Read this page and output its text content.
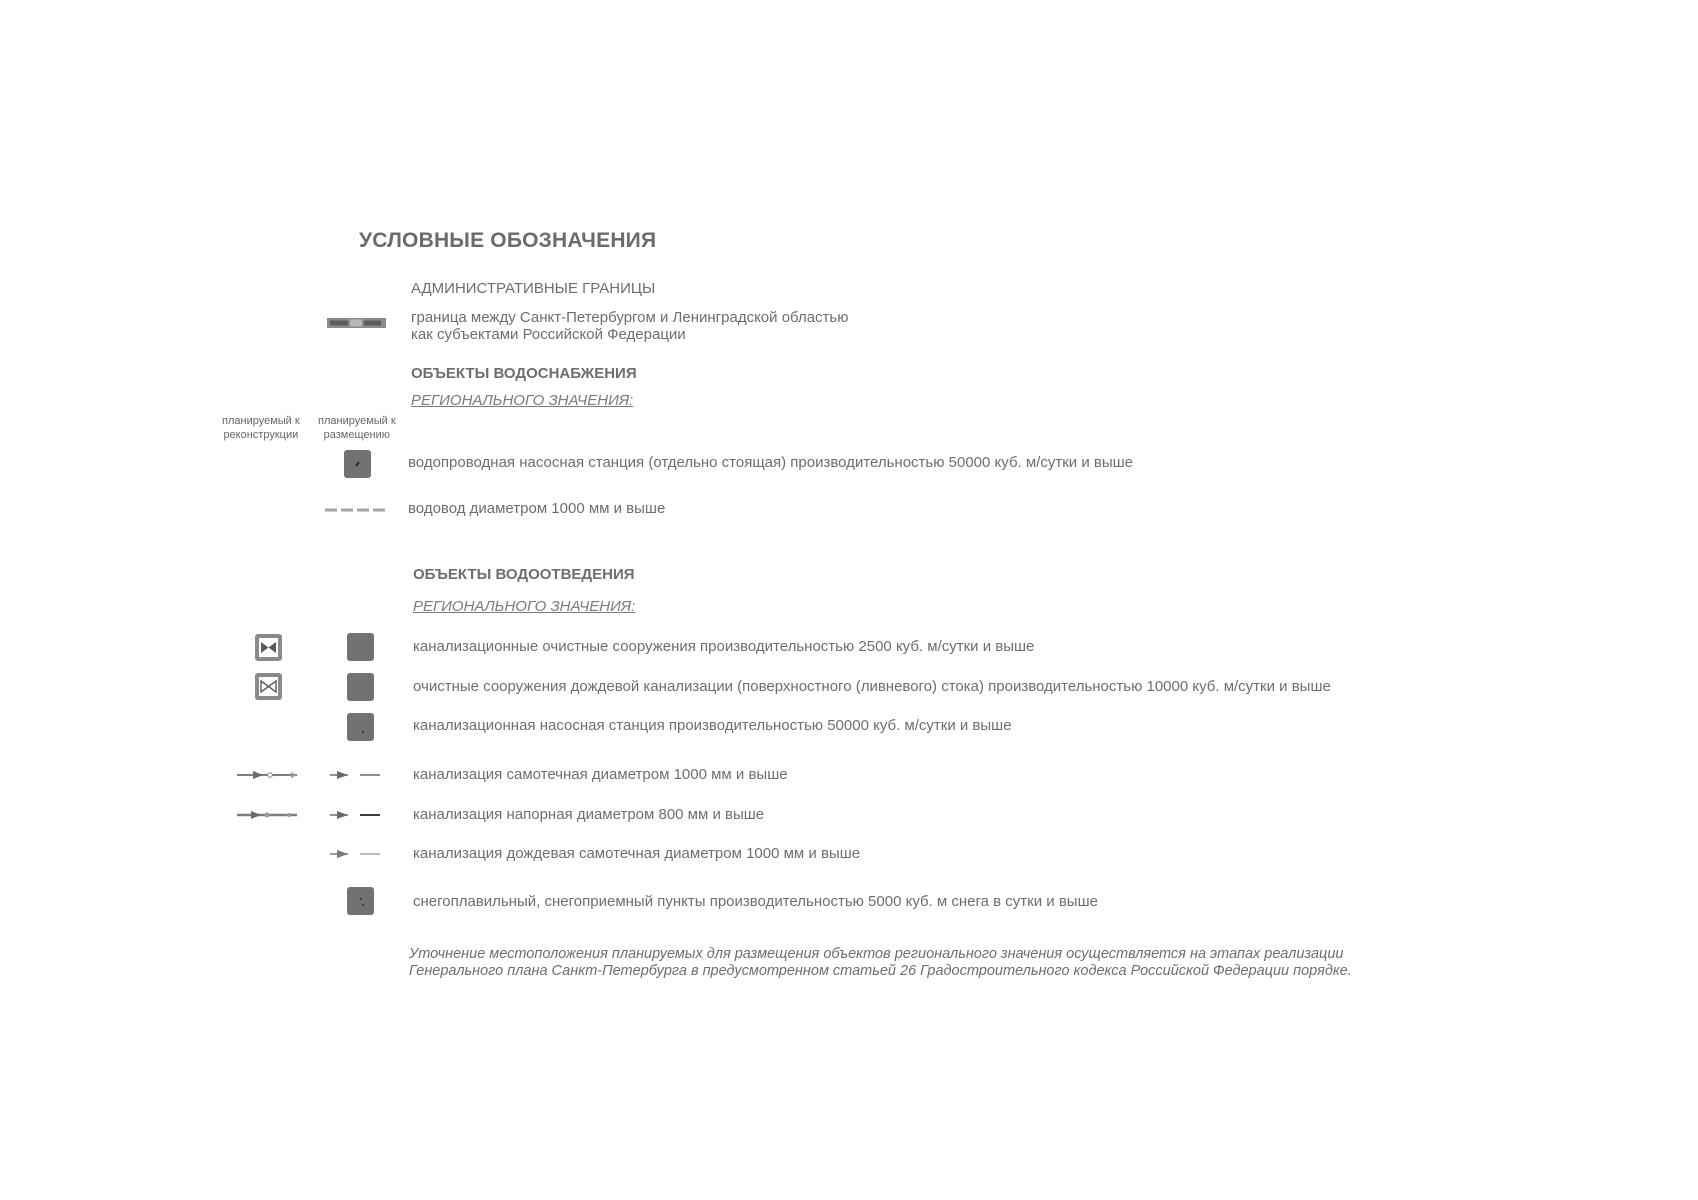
УСЛОВНЫЕ ОБОЗНАЧЕНИЯ
АДМИНИСТРАТИВНЫЕ ГРАНИЦЫ
граница между Санкт-Петербургом и Ленинградской областью
как субъектами Российской Федерации
ОБЪЕКТЫ ВОДОСНАБЖЕНИЯ
РЕГИОНАЛЬНОГО ЗНАЧЕНИЯ:
планируемый к
реконструкции
планируемый к
размещению
водопроводная насосная станция (отдельно стоящая) производительностью 50000 куб. м/сутки и выше
водовод диаметром 1000 мм и выше
ОБЪЕКТЫ ВОДООТВЕДЕНИЯ
РЕГИОНАЛЬНОГО ЗНАЧЕНИЯ:
канализационные очистные сооружения производительностью 2500 куб. м/сутки и выше
очистные сооружения дождевой канализации (поверхностного (ливневого) стока) производительностью 10000 куб. м/сутки и выше
канализационная насосная станция производительностью 50000 куб. м/сутки и выше
канализация самотечная диаметром 1000 мм и выше
канализация напорная диаметром 800 мм и выше
канализация дождевая самотечная диаметром 1000 мм и выше
снегоплавильный, снегоприемный пункты производительностью 5000 куб. м снега в сутки и выше
Уточнение местоположения планируемых для размещения объектов регионального значения осуществляется на этапах реализации
Генерального плана Санкт-Петербурга в предусмотренном статьей 26 Градостроительного кодекса Российской Федерации порядке.
